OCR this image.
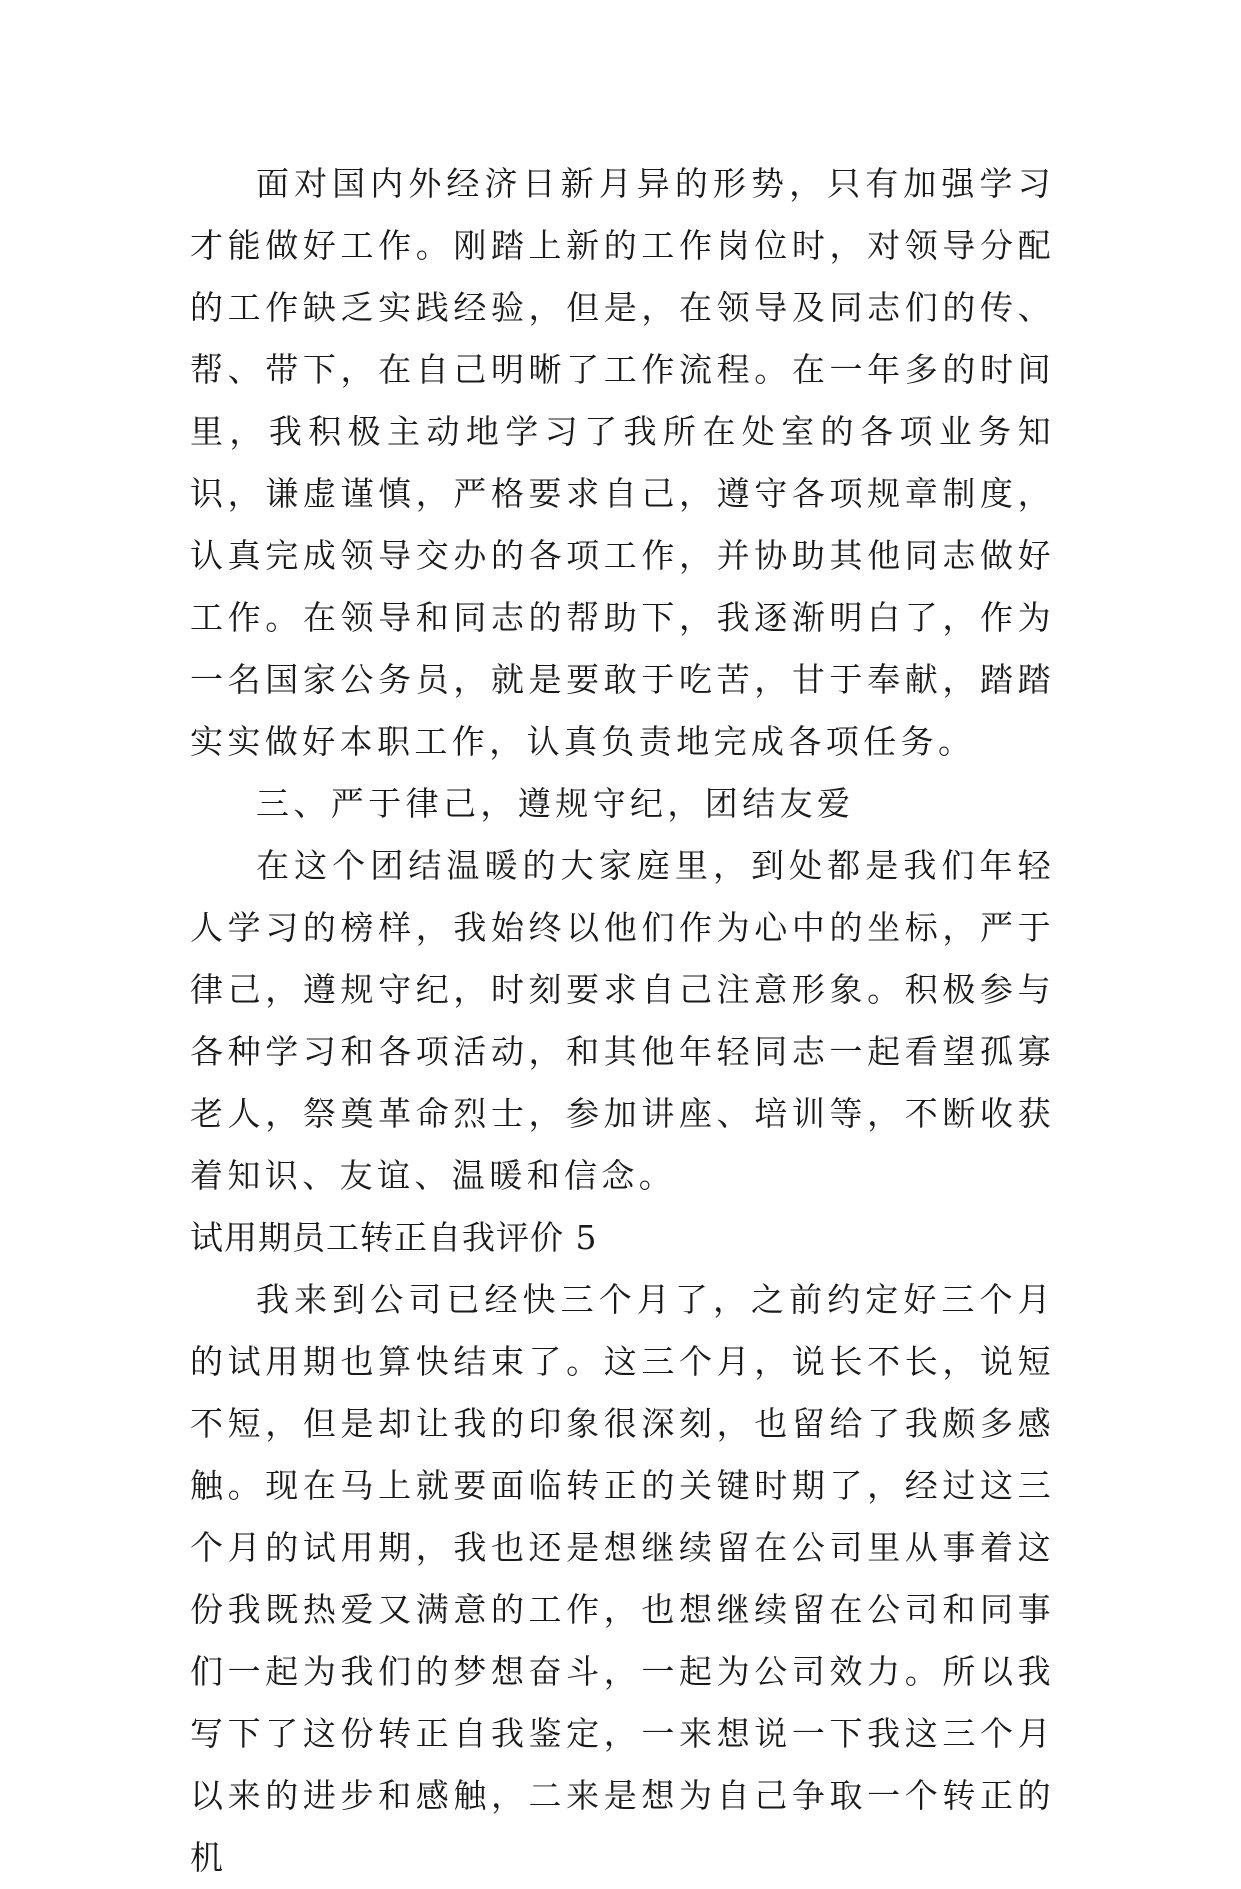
面对国内外经济日新月异的形势，只有加强学习才能做好工作。刚踏上新的工作岗位时，对领导分配的工作缺乏实践经验，但是，在领导及同志们的传、帮、带下，在自己明晰了工作流程。在一年多的时间里，我积极主动地学习了我所在处室的各项业务知识，谦虚谨慎，严格要求自己，遵守各项规章制度，认真完成领导交办的各项工作，并协助其他同志做好工作。在领导和同志的帮助下，我逐渐明白了，作为一名国家公务员，就是要敢于吃苦，甘于奉献，踏踏实实做好本职工作，认真负责地完成各项任务。

三、严于律己，遵规守纪，团结友爱

在这个团结温暖的大家庭里，到处都是我们年轻人学习的榜样，我始终以他们作为心中的坐标，严于律己，遵规守纪，时刻要求自己注意形象。积极参与各种学习和各项活动，和其他年轻同志一起看望孤寡老人，祭奠革命烈士，参加讲座、培训等，不断收获着知识、友谊、温暖和信念。

试用期员工转正自我评价 5

我来到公司已经快三个月了，之前约定好三个月的试用期也算快结束了。这三个月，说长不长，说短不短，但是却让我的印象很深刻，也留给了我颇多感触。现在马上就要面临转正的关键时期了，经过这三个月的试用期，我也还是想继续留在公司里从事着这份我既热爱又满意的工作，也想继续留在公司和同事们一起为我们的梦想奋斗，一起为公司效力。所以我写下了这份转正自我鉴定，一来想说一下我这三个月以来的进步和感触，二来是想为自己争取一个转正的机
